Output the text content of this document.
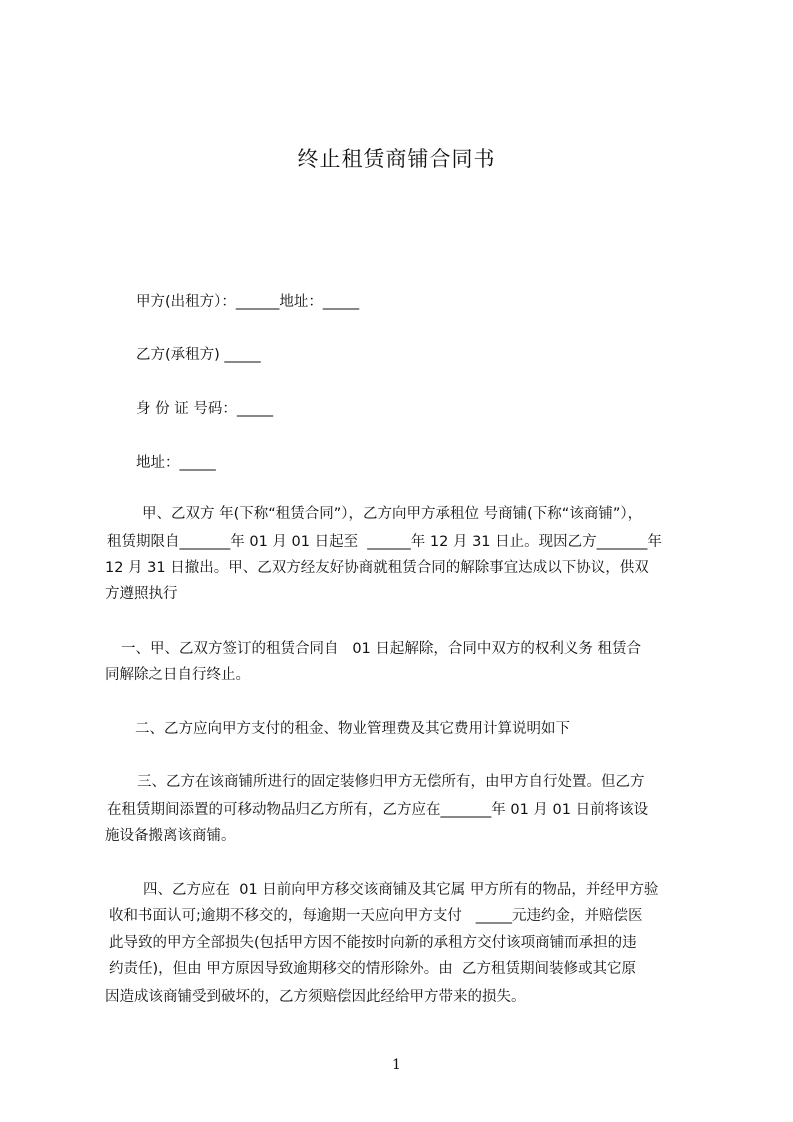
终止租赁商铺合同书
甲方(出租方）：______地址：_____
乙方(承租方) _____
身 份 证 号码：_____
地址：_____
甲、乙双方 年(下称“租赁合同”），乙方向甲方承租位 号商铺(下称“该商铺”），
租赁期限自_______年 01 月 01 日起至  ______年 12 月 31 日止。现因乙方_______年
12 月 31 日撤出。甲、乙双方经友好协商就租赁合同的解除事宜达成以下协议，供双
方遵照执行
一、甲、乙双方签订的租赁合同自   01 日起解除，合同中双方的权利义务 租赁合
同解除之日自行终止。
二、乙方应向甲方支付的租金、物业管理费及其它费用计算说明如下
三、乙方在该商铺所进行的固定装修归甲方无偿所有，由甲方自行处置。但乙方
在租赁期间添置的可移动物品归乙方所有，乙方应在_______年 01 月 01 日前将该设
施设备搬离该商铺。
四、乙方应在  01 日前向甲方移交该商铺及其它属 甲方所有的物品，并经甲方验
收和书面认可;逾期不移交的，每逾期一天应向甲方支付   _____元违约金，并赔偿医
此导致的甲方全部损失(包括甲方因不能按时向新的承租方交付该项商铺而承担的违
约责任)，但由 甲方原因导致逾期移交的情形除外。由  乙方租赁期间装修或其它原
因造成该商铺受到破坏的，乙方须赔偿因此经给甲方带来的损失。
1
